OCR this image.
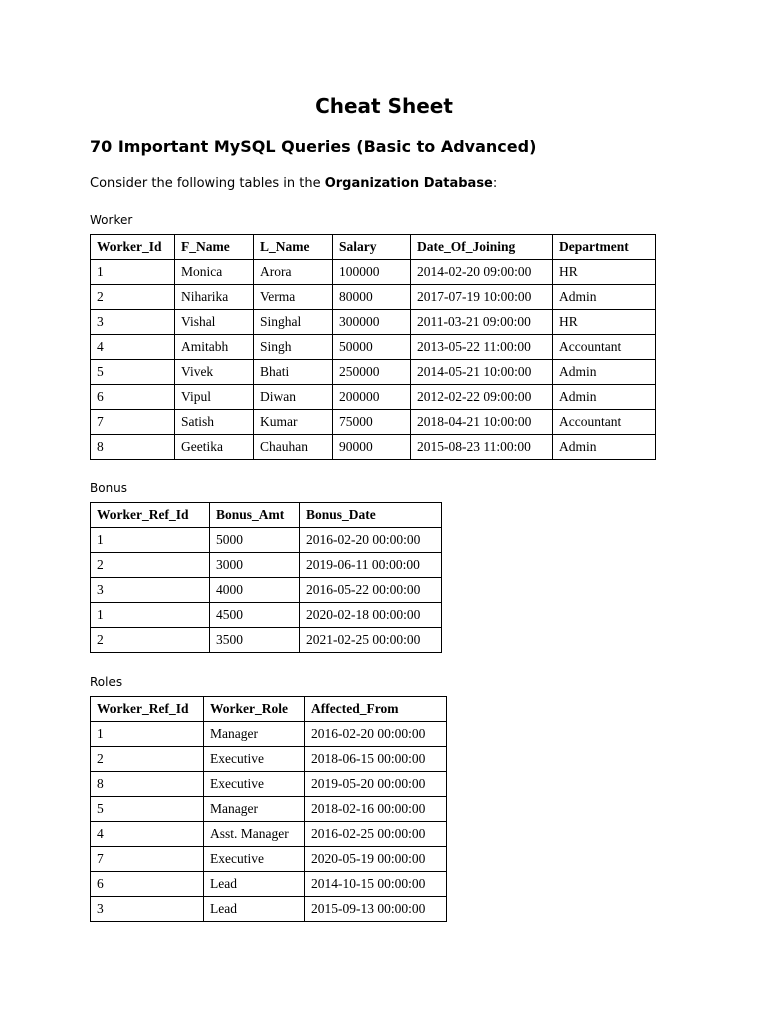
Cheat Sheet
70 Important MySQL Queries (Basic to Advanced)

Consider the following tables in the Organization Database:

Worker

Worker_Id	F_Name	L_Name	Salary	Date_Of_Joining	Department
1	Monica	Arora	100000	2014-02-20 09:00:00	HR
2	Niharika	Verma	80000	2017-07-19 10:00:00	Admin
3	Vishal	Singhal	300000	2011-03-21 09:00:00	HR
4	Amitabh	Singh	50000	2013-05-22 11:00:00	Accountant
5	Vivek	Bhati	250000	2014-05-21 10:00:00	Admin
6	Vipul	Diwan	200000	2012-02-22 09:00:00	Admin
7	Satish	Kumar	75000	2018-04-21 10:00:00	Accountant
8	Geetika	Chauhan	90000	2015-08-23 11:00:00	Admin

Bonus

Worker_Ref_Id	Bonus_Amt	Bonus_Date
1	5000	2016-02-20 00:00:00
2	3000	2019-06-11 00:00:00
3	4000	2016-05-22 00:00:00
1	4500	2020-02-18 00:00:00
2	3500	2021-02-25 00:00:00

Roles

Worker_Ref_Id	Worker_Role	Affected_From
1	Manager	2016-02-20 00:00:00
2	Executive	2018-06-15 00:00:00
8	Executive	2019-05-20 00:00:00
5	Manager	2018-02-16 00:00:00
4	Asst. Manager	2016-02-25 00:00:00
7	Executive	2020-05-19 00:00:00
6	Lead	2014-10-15 00:00:00
3	Lead	2015-09-13 00:00:00
